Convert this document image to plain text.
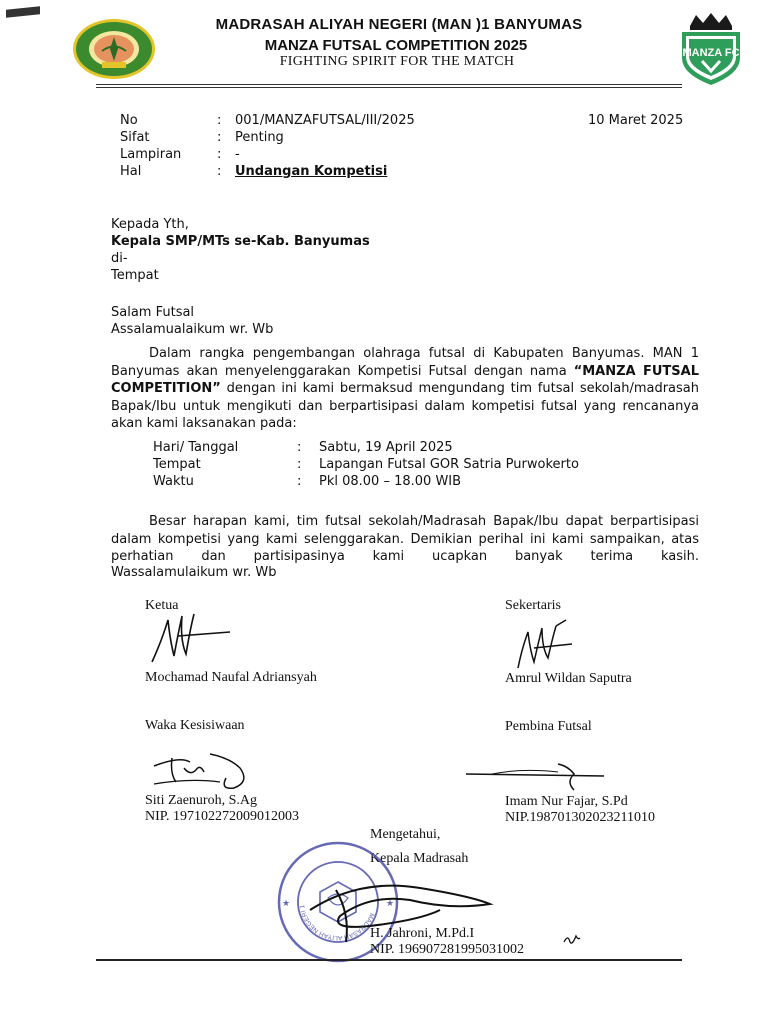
MADRASAH ALIYAH NEGERI (MAN )1 BANYUMAS
MANZA FUTSAL COMPETITION 2025
FIGHTING SPIRIT FOR THE MATCH
MANZA FC
No	:	001/MANZAFUTSAL/III/2025
Sifat	:	Penting
Lampiran	:	-
Hal	:	Undangan Kompetisi
10 Maret 2025
Kepada Yth,
Kepala SMP/MTs se-Kab. Banyumas
di-
Tempat
Salam Futsal
Assalamualaikum wr. Wb
Dalam rangka pengembangan olahraga futsal di Kabupaten Banyumas. MAN 1 Banyumas akan menyelenggarakan Kompetisi Futsal dengan nama “MANZA FUTSAL COMPETITION” dengan ini kami bermaksud mengundang tim futsal sekolah/madrasah Bapak/Ibu untuk mengikuti dan berpartisipasi dalam kompetisi futsal yang rencananya akan kami laksanakan pada:
Hari/ Tanggal	:	Sabtu, 19 April 2025
Tempat	:	Lapangan Futsal GOR Satria Purwokerto
Waktu	:	Pkl 08.00 – 18.00 WIB
Besar harapan kami, tim futsal sekolah/Madrasah Bapak/Ibu dapat berpartisipasi dalam kompetisi yang kami selenggarakan. Demikian perihal ini kami sampaikan, atas perhatian dan partisipasinya kami ucapkan banyak terima kasih.
Wassalamulaikum wr. Wb
Ketua
Mochamad Naufal Adriansyah
Sekertaris
Amrul Wildan Saputra
Waka Kesisiwaan
Siti Zaenuroh, S.Ag
NIP. 197102272009012003
Pembina Futsal
Imam Nur Fajar, S.Pd
NIP.198701302023211010
Mengetahui,
Kepala Madrasah
MADRASAH ALIYAH NEGERI 1
★	★
H. Jahroni, M.Pd.I
NIP. 196907281995031002
